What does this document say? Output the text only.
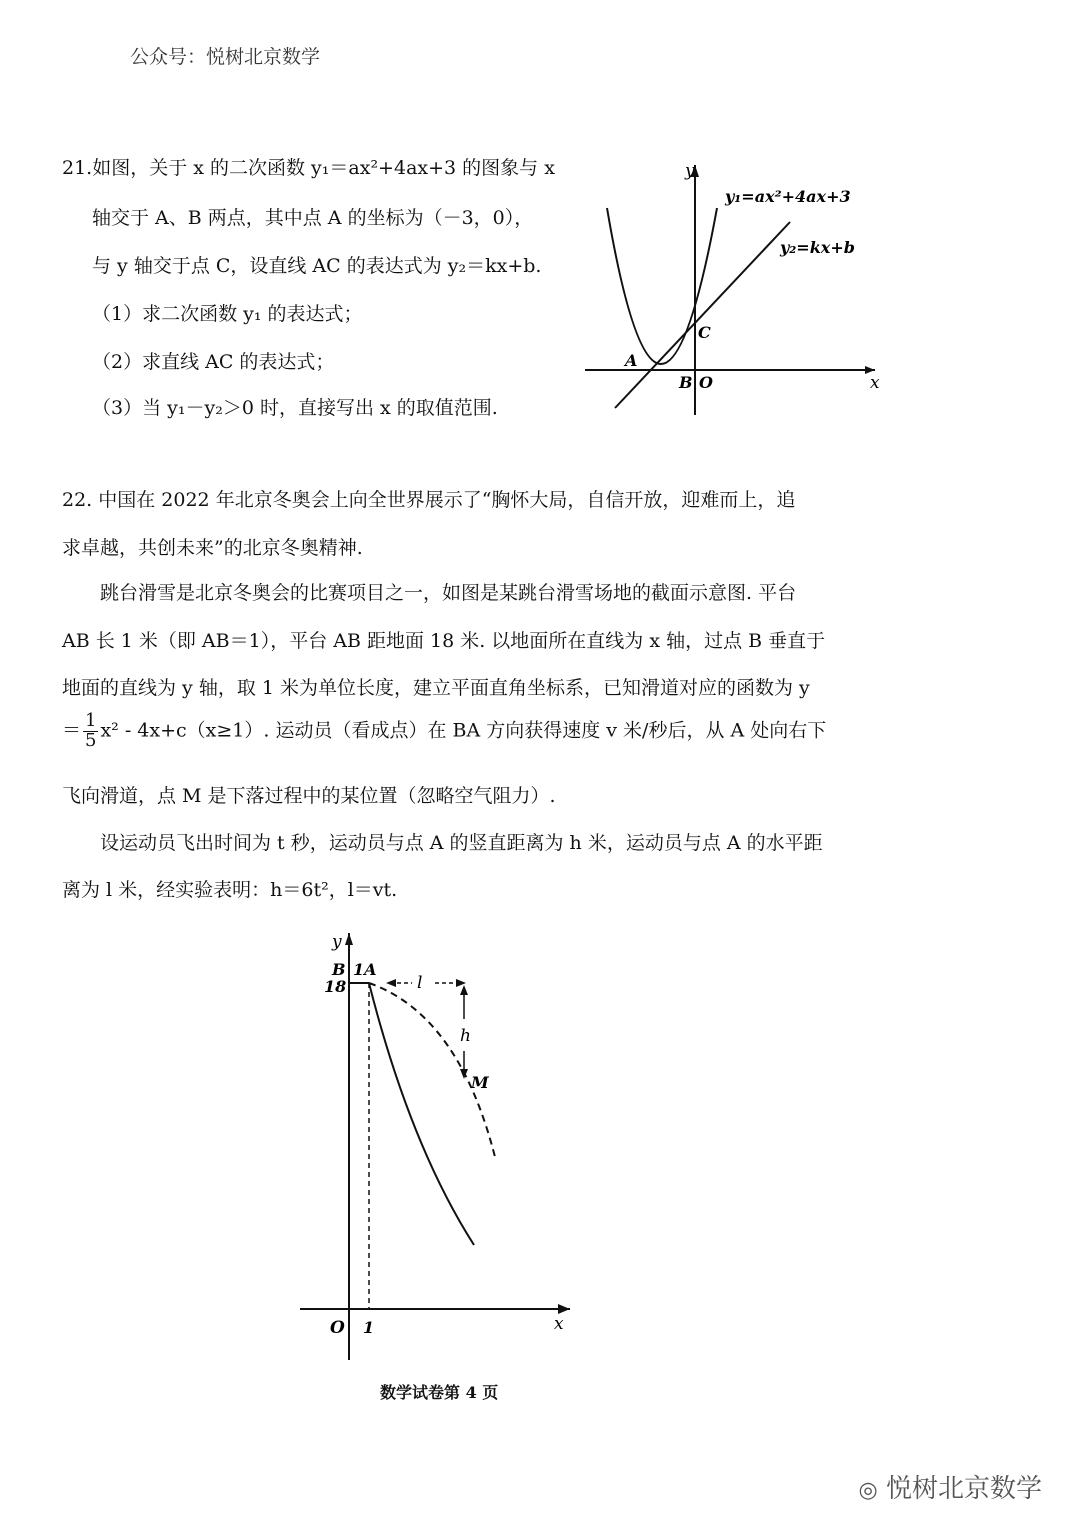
公众号：悦树北京数学
21.如图，关于 x 的二次函数 y₁＝ax²+4ax+3 的图象与 x
轴交于 A、B 两点，其中点 A 的坐标为（－3，0），
与 y 轴交于点 C，设直线 AC 的表达式为 y₂＝kx+b.
（1）求二次函数 y₁ 的表达式；
（2）求直线 AC 的表达式；
（3）当 y₁－y₂＞0 时，直接写出 x 的取值范围.
y
x
y₁=ax²+4ax+3
y₂=kx+b
A
B
C
O
22. 中国在 2022 年北京冬奥会上向全世界展示了“胸怀大局，自信开放，迎难而上，追
求卓越，共创未来”的北京冬奥精神.
跳台滑雪是北京冬奥会的比赛项目之一，如图是某跳台滑雪场地的截面示意图. 平台
AB 长 1 米（即 AB＝1），平台 AB 距地面 18 米. 以地面所在直线为 x 轴，过点 B 垂直于
地面的直线为 y 轴，取 1 米为单位长度，建立平面直角坐标系，已知滑道对应的函数为 y
＝ $\frac{1}{5} x^2 - 4x+c(x\ge 1)$. 运动员（看成点）在 BA 方向获得速度 v 米/秒后，从 A 处向右下
飞向滑道，点 M 是下落过程中的某位置（忽略空气阻力）.
设运动员飞出时间为 t 秒，运动员与点 A 的竖直距离为 h 米，运动员与点 A 的水平距
离为 l 米，经实验表明：h＝6t²，l＝vt.
y
x
B
18
1A
l
h
M
O 1
数学试卷第 4 页
◎ 悦树北京数学
